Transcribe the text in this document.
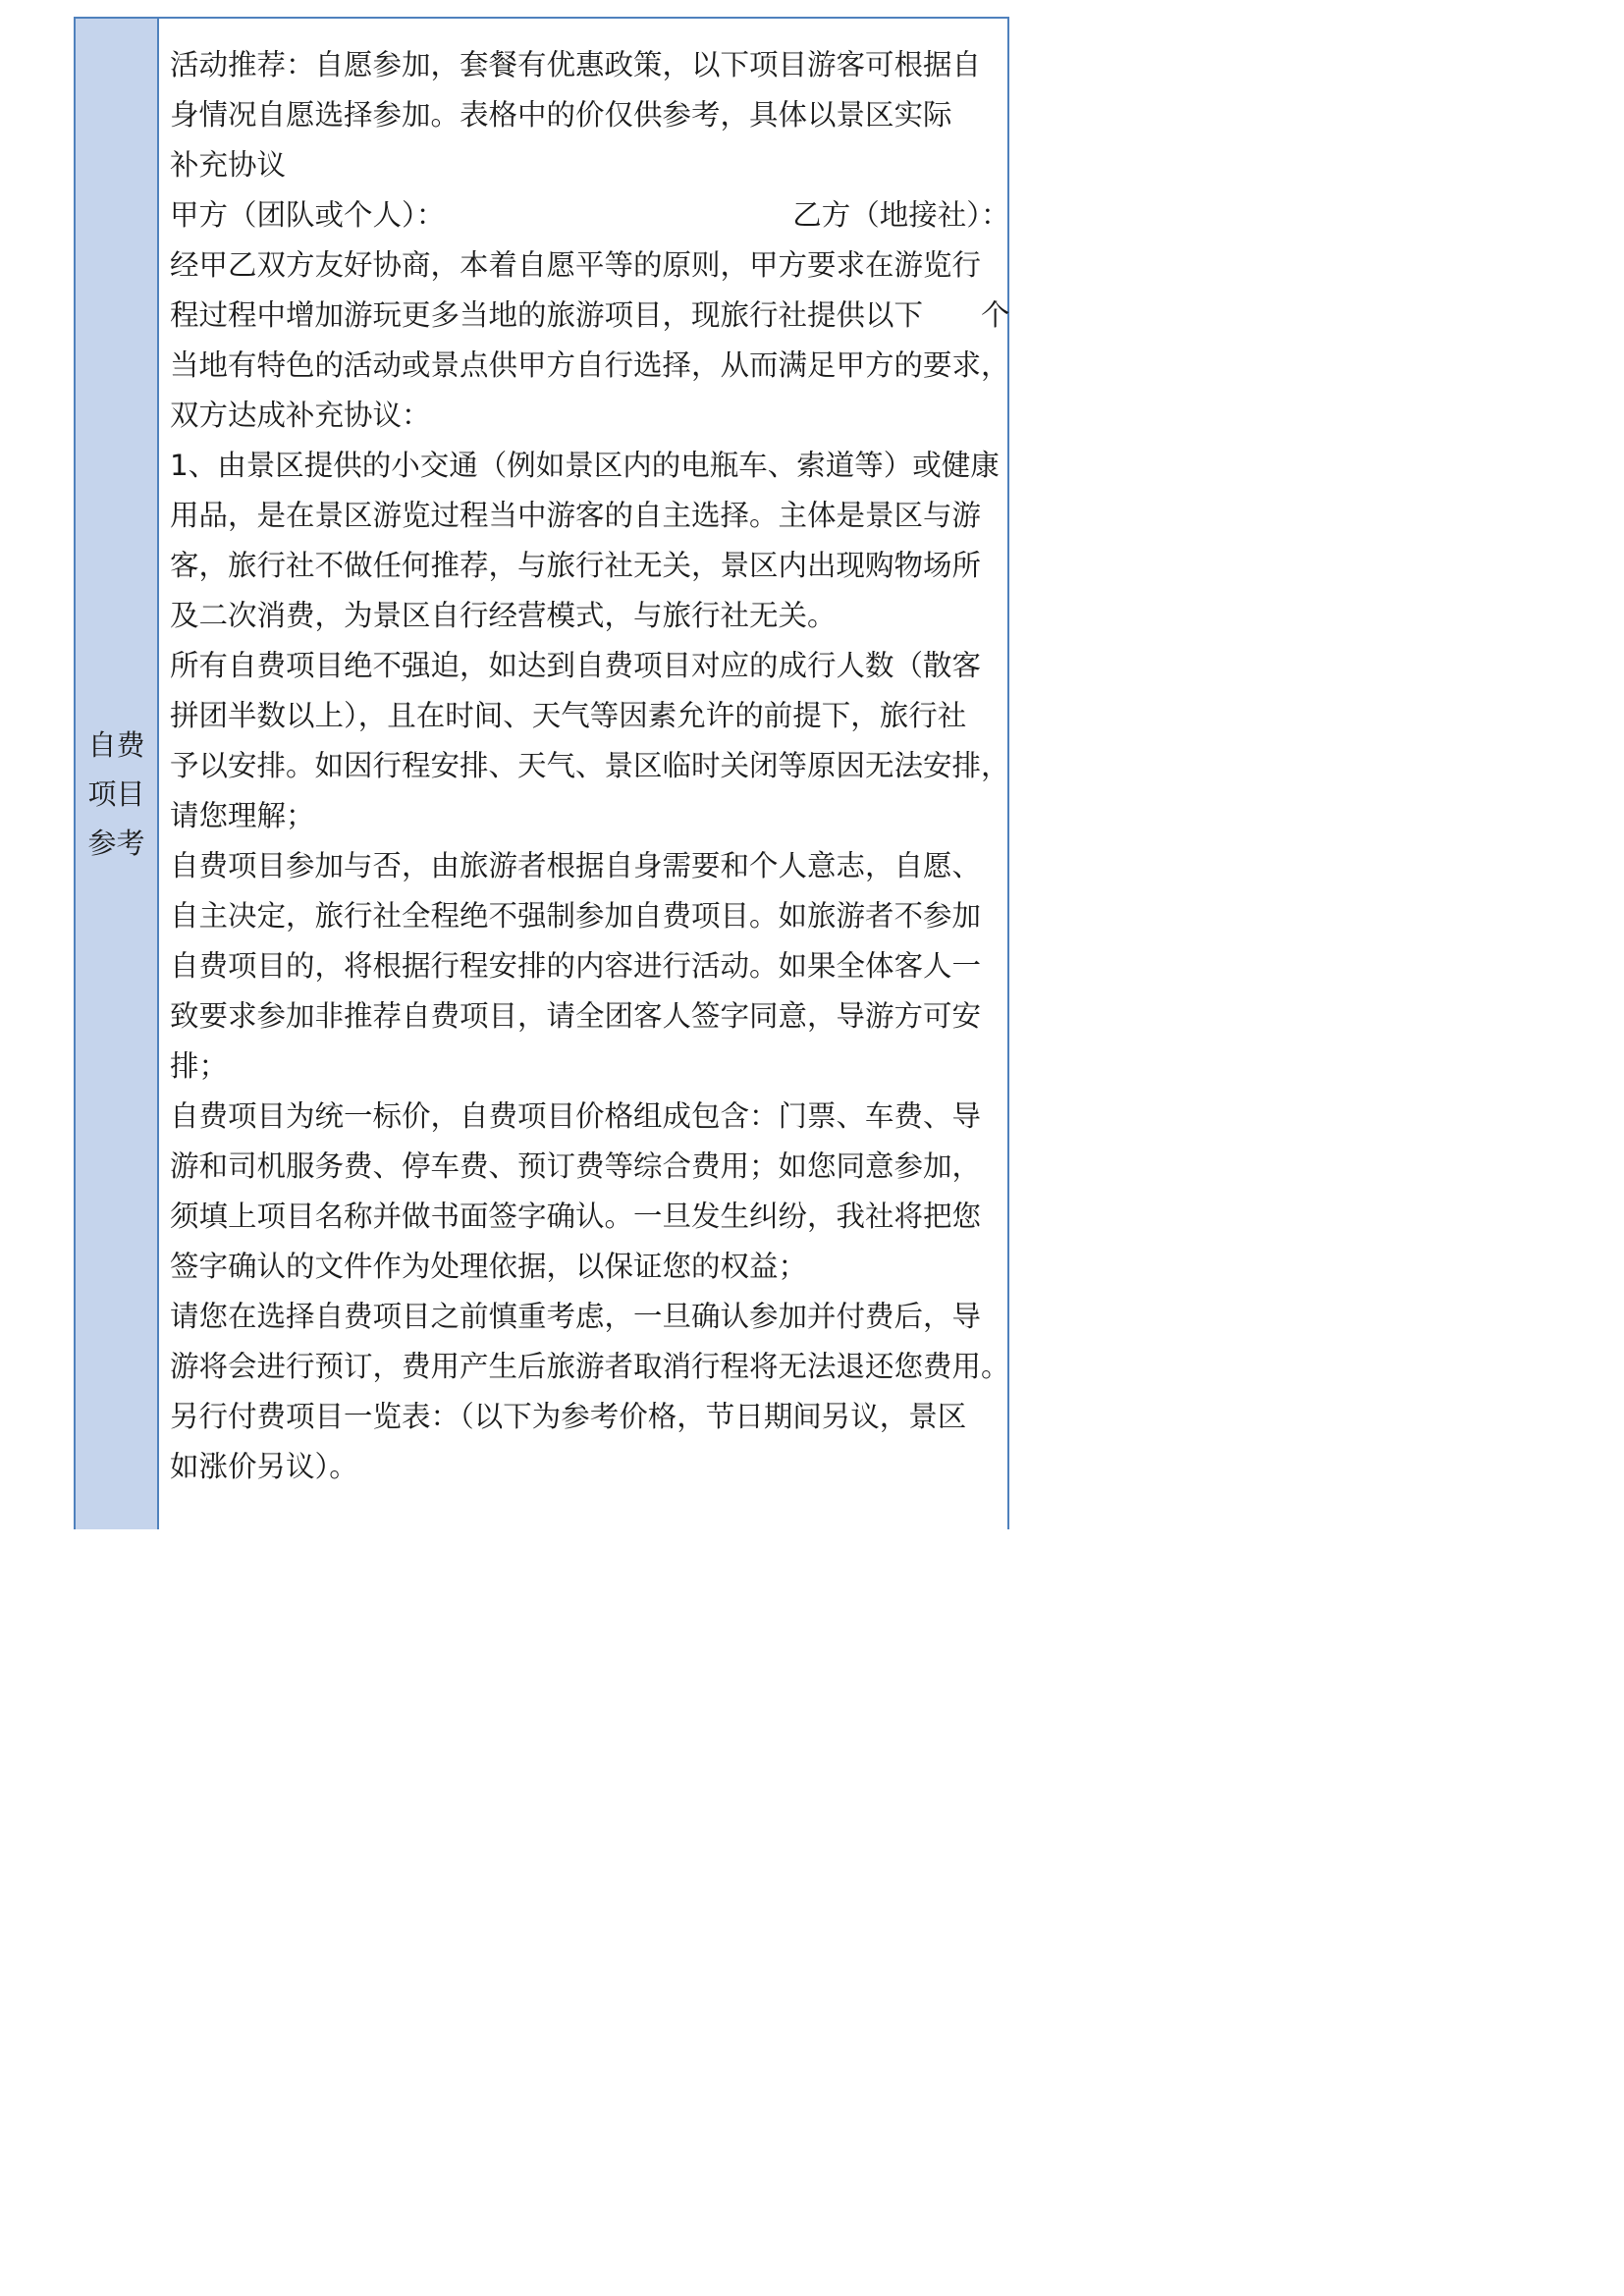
自费项目参考
活动推荐：自愿参加，套餐有优惠政策，以下项目游客可根据自
身情况自愿选择参加。表格中的价仅供参考，具体以景区实际
补充协议
甲方（团队或个人）：	乙方（地接社）：
经甲乙双方友好协商，本着自愿平等的原则，甲方要求在游览行
程过程中增加游玩更多当地的旅游项目，现旅行社提供以下　　个
当地有特色的活动或景点供甲方自行选择，从而满足甲方的要求，
双方达成补充协议：
1、由景区提供的小交通（例如景区内的电瓶车、索道等）或健康
用品，是在景区游览过程当中游客的自主选择。主体是景区与游
客，旅行社不做任何推荐，与旅行社无关，景区内出现购物场所
及二次消费，为景区自行经营模式，与旅行社无关。
所有自费项目绝不强迫，如达到自费项目对应的成行人数（散客
拼团半数以上），且在时间、天气等因素允许的前提下，旅行社
予以安排。如因行程安排、天气、景区临时关闭等原因无法安排，
请您理解；
自费项目参加与否，由旅游者根据自身需要和个人意志，自愿、
自主决定，旅行社全程绝不强制参加自费项目。如旅游者不参加
自费项目的，将根据行程安排的内容进行活动。如果全体客人一
致要求参加非推荐自费项目，请全团客人签字同意，导游方可安
排；
自费项目为统一标价，自费项目价格组成包含：门票、车费、导
游和司机服务费、停车费、预订费等综合费用；如您同意参加，
须填上项目名称并做书面签字确认。一旦发生纠纷，我社将把您
签字确认的文件作为处理依据，以保证您的权益；
请您在选择自费项目之前慎重考虑，一旦确认参加并付费后，导
游将会进行预订，费用产生后旅游者取消行程将无法退还您费用。
另行付费项目一览表：（以下为参考价格，节日期间另议，景区
如涨价另议）。
